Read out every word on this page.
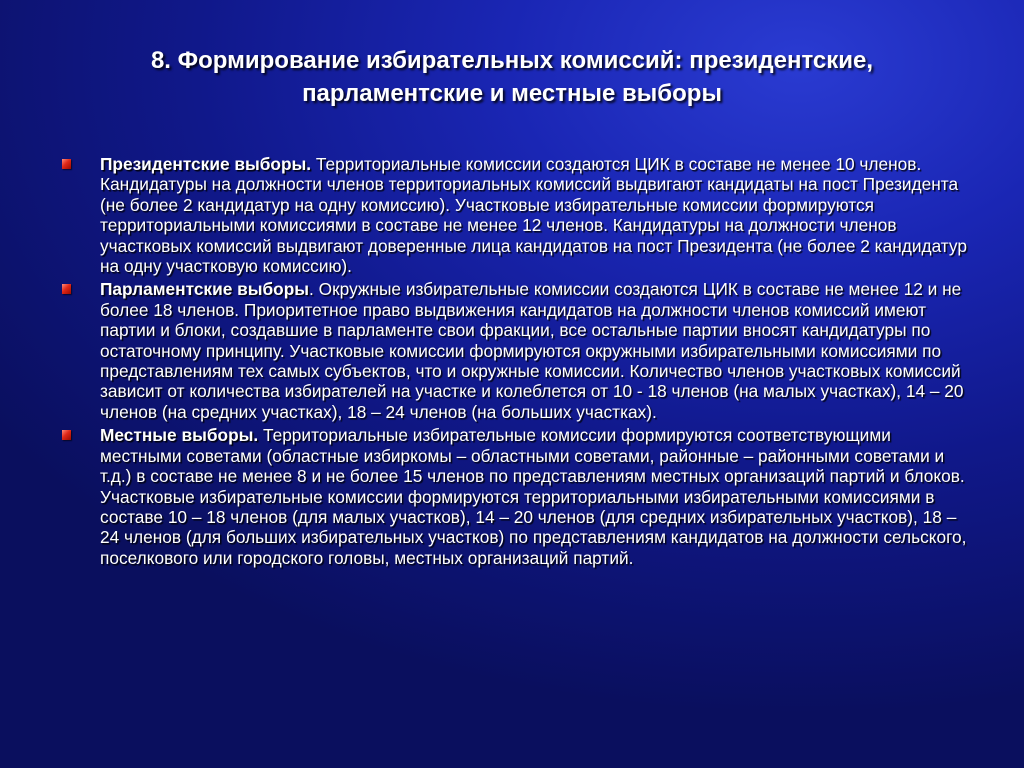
8. Формирование избирательных комиссий: президентские,
парламентские и местные выборы
Президентские выборы. Территориальные комиссии создаются ЦИК в составе не менее 10 членов. Кандидатуры на должности членов территориальных комиссий выдвигают кандидаты на пост Президента (не более 2 кандидатур на одну комиссию). Участковые избирательные комиссии формируются территориальными комиссиями в составе не менее 12 членов. Кандидатуры на должности членов участковых комиссий выдвигают доверенные лица кандидатов на пост Президента (не более 2 кандидатур на одну участковую комиссию).
Парламентские выборы. Окружные избирательные комиссии создаются ЦИК в составе не менее 12 и не более 18 членов. Приоритетное право выдвижения кандидатов на должности членов комиссий имеют партии и блоки, создавшие в парламенте свои фракции, все остальные партии вносят кандидатуры по остаточному принципу. Участковые комиссии формируются окружными избирательными комиссиями по представлениям тех самых субъектов, что и окружные комиссии. Количество членов участковых комиссий зависит от количества избирателей на участке и колеблется от 10 - 18 членов (на малых участках), 14 – 20 членов (на средних участках), 18 – 24 членов (на больших участках).
Местные выборы. Территориальные избирательные комиссии формируются соответствующими местными советами (областные избиркомы – областными советами, районные – районными советами и т.д.) в составе не менее 8 и не более 15 членов по представлениям местных организаций партий и блоков. Участковые избирательные комиссии формируются территориальными избирательными комиссиями в составе 10 – 18 членов (для малых участков), 14 – 20 членов (для средних избирательных участков), 18 – 24 членов (для больших избирательных участков) по представлениям кандидатов на должности сельского, поселкового или городского головы, местных организаций партий.
